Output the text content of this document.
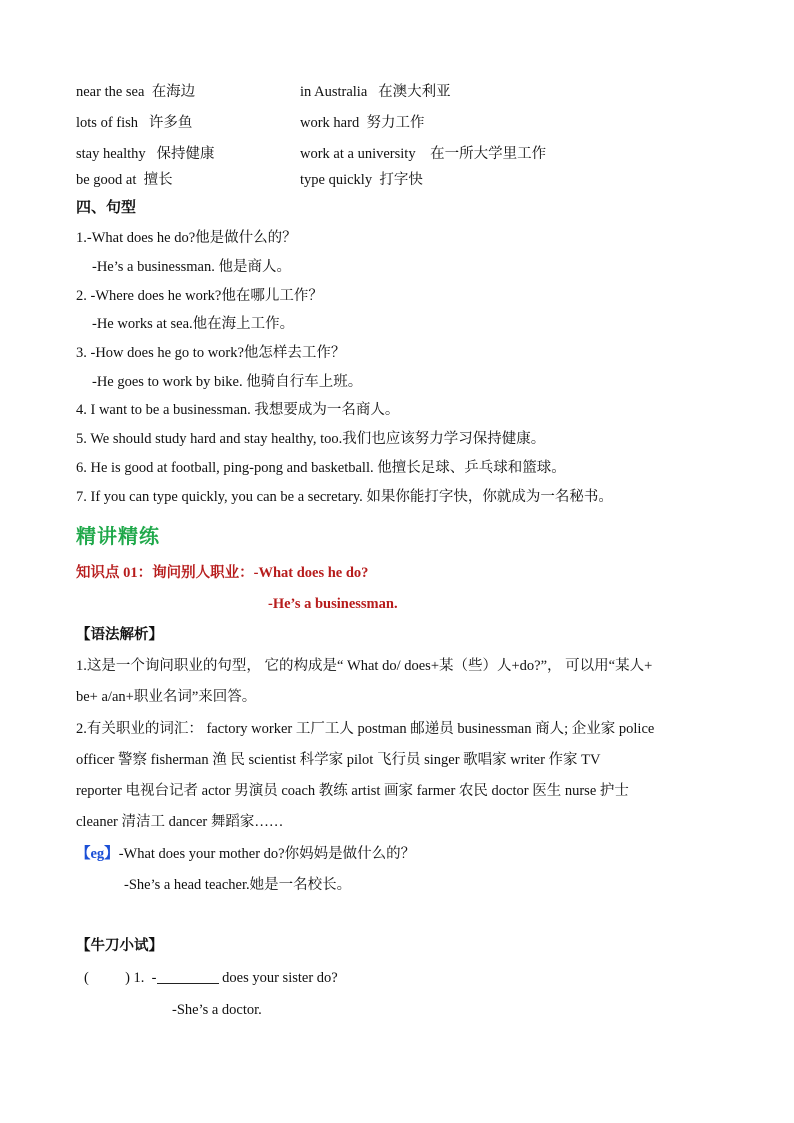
near the sea 在海边	in Australia 在澳大利亚
lots of fish 许多鱼	work hard 努力工作
stay healthy 保持健康	work at a university 在一所大学里工作
be good at 擅长	type quickly 打字快
四、句型
1.-What does he do?他是做什么的？
-He’s a businessman. 他是商人。
2. -Where does he work?他在哪儿工作？
-He works at sea.他在海上工作。
3. -How does he go to work?他怎样去工作？
-He goes to work by bike. 他骑自行车上班。
4. I want to be a businessman. 我想要成为一名商人。
5. We should study hard and stay healthy, too.我们也应该努力学习保持健康。
6. He is good at football, ping-pong and basketball. 他擅长足球、乒乓球和篮球。
7. If you can type quickly, you can be a secretary. 如果你能打字快，你就成为一名秘书。
精讲精练
知识点 01：询问别人职业：-What does he do?
-He’s a businessman.
【语法解析】
1.这是一个询问职业的句型， 它的构成是“ What do/ does+某（些）人+do?”， 可以用“某人+
be+ a/an+职业名词”来回答。
2.有关职业的词汇： factory worker 工厂工人 postman 邮递员 businessman 商人; 企业家 police
officer 警察 fisherman 渔 民 scientist 科学家 pilot 飞行员 singer 歌唱家 writer 作家 TV
reporter 电视台记者 actor 男演员 coach 教练 artist 画家 farmer 农民 doctor 医生 nurse 护士
cleaner 清洁工 dancer 舞蹈家……
【eg】-What does your mother do?你妈妈是做什么的？
-She’s a head teacher.她是一名校长。
【牛刀小试】
(          ) 1. -	does your sister do?
-She’s a doctor.
